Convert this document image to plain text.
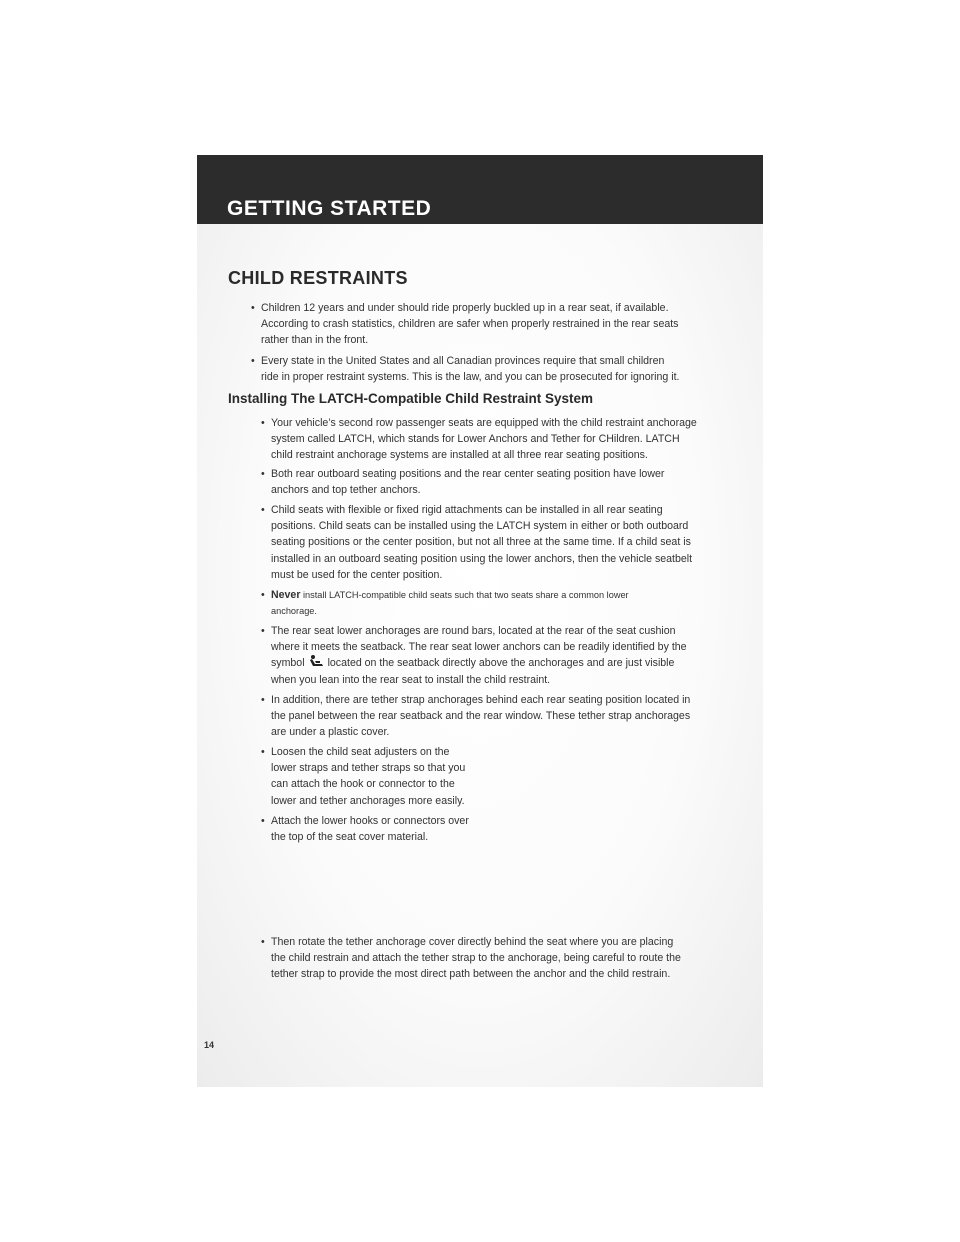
GETTING STARTED
CHILD RESTRAINTS
• Children 12 years and under should ride properly buckled up in a rear seat, if available.
According to crash statistics, children are safer when properly restrained in the rear seats
rather than in the front.
• Every state in the United States and all Canadian provinces require that small children
ride in proper restraint systems. This is the law, and you can be prosecuted for ignoring it.
Installing The LATCH-Compatible Child Restraint System
• Your vehicle’s second row passenger seats are equipped with the child restraint anchorage
system called LATCH, which stands for Lower Anchors and Tether for CHildren. LATCH
child restraint anchorage systems are installed at all three rear seating positions.
• Both rear outboard seating positions and the rear center seating position have lower
anchors and top tether anchors.
• Child seats with flexible or fixed rigid attachments can be installed in all rear seating
positions. Child seats can be installed using the LATCH system in either or both outboard
seating positions or the center position, but not all three at the same time. If a child seat is
installed in an outboard seating position using the lower anchors, then the vehicle seatbelt
must be used for the center position.
• Never install LATCH-compatible child seats such that two seats share a common lower
anchorage.
• The rear seat lower anchorages are round bars, located at the rear of the seat cushion
where it meets the seatback. The rear seat lower anchors can be readily identified by the
symbol located on the seatback directly above the anchorages and are just visible
when you lean into the rear seat to install the child restraint.
• In addition, there are tether strap anchorages behind each rear seating position located in
the panel between the rear seatback and the rear window. These tether strap anchorages
are under a plastic cover.
• Loosen the child seat adjusters on the
lower straps and tether straps so that you
can attach the hook or connector to the
lower and tether anchorages more easily.
• Attach the lower hooks or connectors over
the top of the seat cover material.
• Then rotate the tether anchorage cover directly behind the seat where you are placing
the child restrain and attach the tether strap to the anchorage, being careful to route the
tether strap to provide the most direct path between the anchor and the child restrain.
14
